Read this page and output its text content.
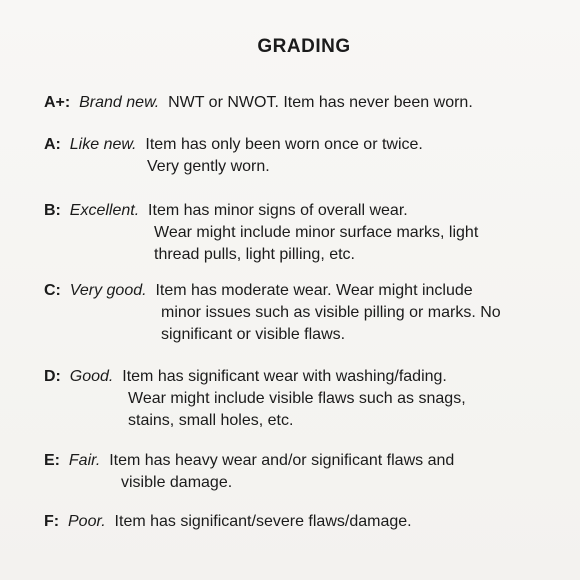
GRADING
A+: Brand new. NWT or NWOT. Item has never been worn.
A: Like new. Item has only been worn once or twice.
Very gently worn.
B: Excellent. Item has minor signs of overall wear.
Wear might include minor surface marks, light
thread pulls, light pilling, etc.
C: Very good. Item has moderate wear. Wear might include
minor issues such as visible pilling or marks. No
significant or visible flaws.
D: Good. Item has significant wear with washing/fading.
Wear might include visible flaws such as snags,
stains, small holes, etc.
E: Fair. Item has heavy wear and/or significant flaws and
visible damage.
F: Poor. Item has significant/severe flaws/damage.
